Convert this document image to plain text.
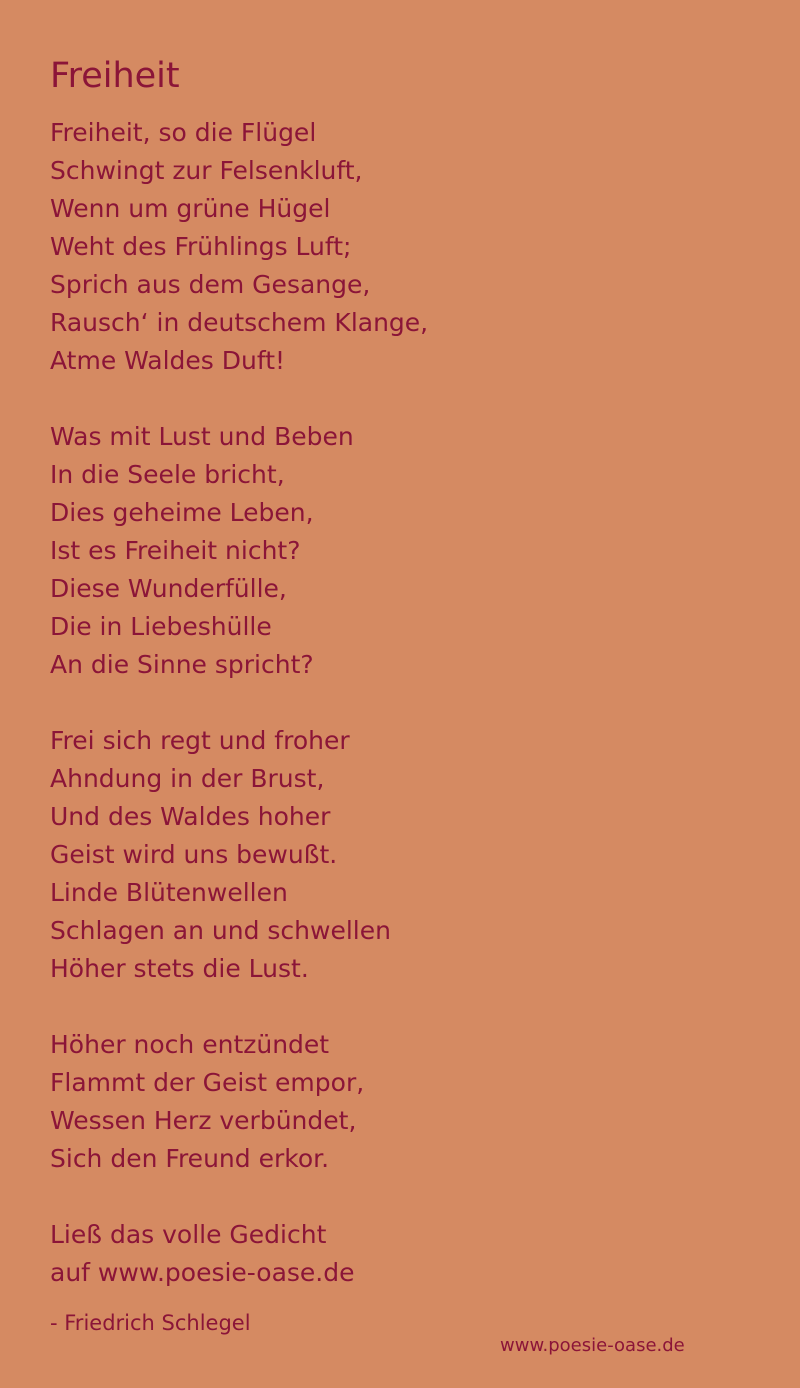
Freiheit
Freiheit, so die Flügel
Schwingt zur Felsenkluft,
Wenn um grüne Hügel
Weht des Frühlings Luft;
Sprich aus dem Gesange,
Rausch‘ in deutschem Klange,
Atme Waldes Duft!
Was mit Lust und Beben
In die Seele bricht,
Dies geheime Leben,
Ist es Freiheit nicht?
Diese Wunderfülle,
Die in Liebeshülle
An die Sinne spricht?
Frei sich regt und froher
Ahndung in der Brust,
Und des Waldes hoher
Geist wird uns bewußt.
Linde Blütenwellen
Schlagen an und schwellen
Höher stets die Lust.
Höher noch entzündet
Flammt der Geist empor,
Wessen Herz verbündet,
Sich den Freund erkor.
Ließ das volle Gedicht
auf www.poesie-oase.de
- Friedrich Schlegel
www.poesie-oase.de
